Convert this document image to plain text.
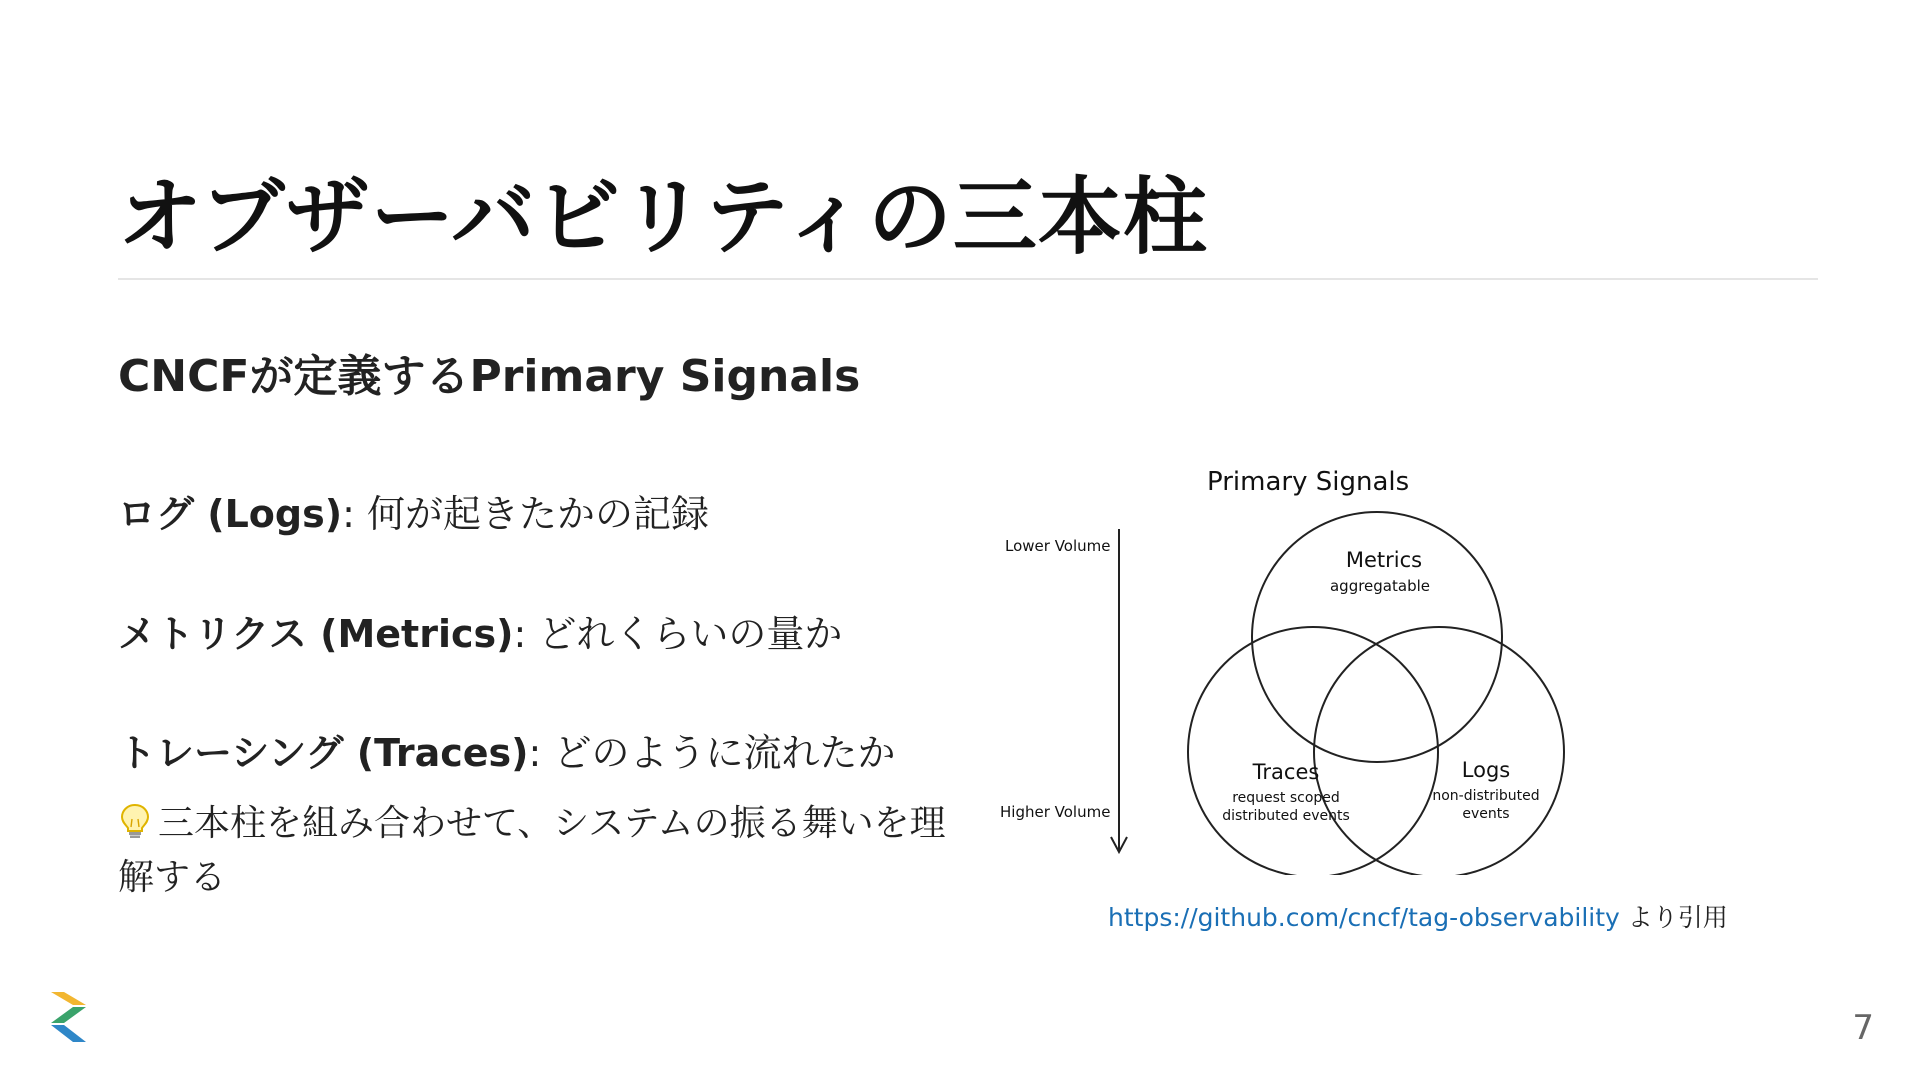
オブザーバビリティの三本柱
CNCFが定義するPrimary Signals
ログ (Logs): 何が起きたかの記録
メトリクス (Metrics): どれくらいの量か
トレーシング (Traces): どのように流れたか
三本柱を組み合わせて、システムの振る舞いを理解する
Primary Signals
Lower Volume
Higher Volume
Metrics
aggregatable
Traces
request scoped
distributed events
Logs
non-distributed
events
https://github.com/cncf/tag-observability より引用
7
